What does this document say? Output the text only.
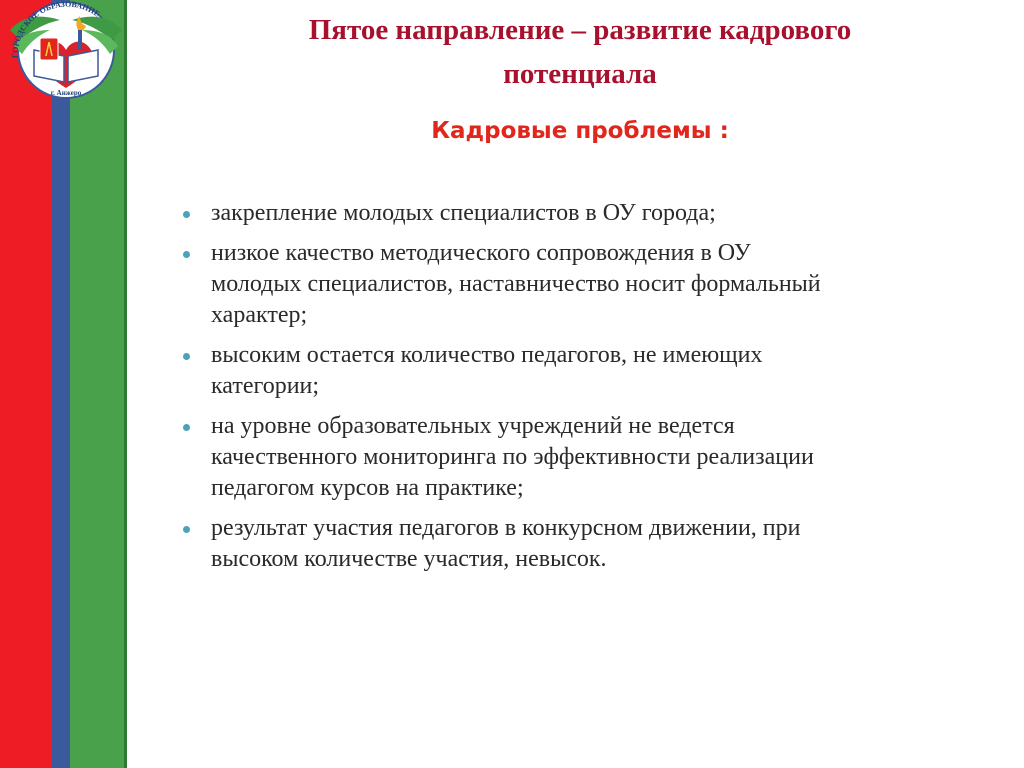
ГОРОДСКОЕ ОБРАЗОВАНИЕ
г. Анжеро
Пятое направление – развитие кадрового
потенциала
Кадровые проблемы :
закрепление молодых специалистов в ОУ города;
низкое качество методического сопровождения в ОУ
молодых специалистов, наставничество носит формальный
характер;
высоким остается количество педагогов, не имеющих
категории;
на уровне образовательных учреждений не ведется
качественного мониторинга по эффективности реализации
педагогом курсов на практике;
результат участия педагогов в конкурсном движении, при
высоком количестве участия, невысок.
